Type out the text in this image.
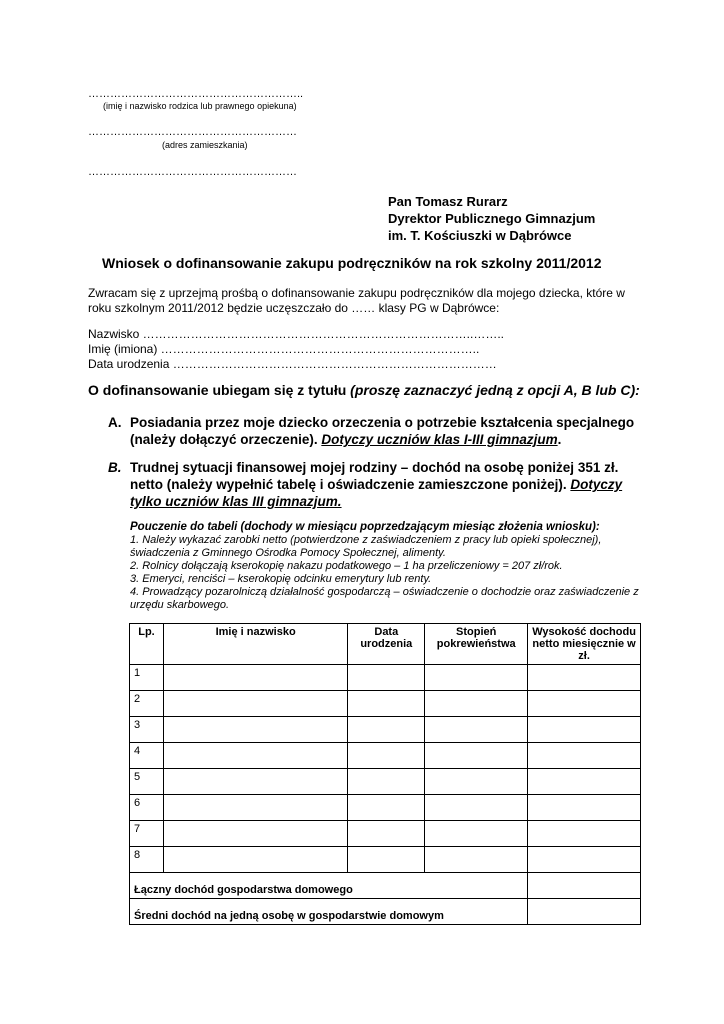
…………………………………………………..
(imię i nazwisko rodzica lub prawnego opiekuna)
…………………………………………………
(adres zamieszkania)
…………………………………………………
Pan Tomasz Rurarz
Dyrektor Publicznego Gimnazjum
im. T. Kościuszki w Dąbrówce
Wniosek o dofinansowanie zakupu podręczników na rok szkolny 2011/2012
Zwracam się z uprzejmą prośbą o dofinansowanie zakupu podręczników dla mojego dziecka, które w
roku szkolnym 2011/2012 będzie uczęszczało do …… klasy PG w Dąbrówce:
Nazwisko ………………………………………………………………………..……..
Imię (imiona) ……………………………………………………………………..
Data urodzenia ………………………………………………………………………
O dofinansowanie ubiegam się z tytułu (proszę zaznaczyć jedną z opcji A, B lub C):
A. Posiadania przez moje dziecko orzeczenia o potrzebie kształcenia specjalnego
(należy dołączyć orzeczenie). Dotyczy uczniów klas I-III gimnazjum.
B. Trudnej sytuacji finansowej mojej rodziny – dochód na osobę poniżej 351 zł.
netto (należy wypełnić tabelę i oświadczenie zamieszczone poniżej). Dotyczy
tylko uczniów klas III gimnazjum.
Pouczenie do tabeli (dochody w miesiącu poprzedzającym miesiąc złożenia wniosku):
1. Należy wykazać zarobki netto (potwierdzone z zaświadczeniem z pracy lub opieki społecznej),
świadczenia z Gminnego Ośrodka Pomocy Społecznej, alimenty.
2. Rolnicy dołączają kserokopię nakazu podatkowego – 1 ha przeliczeniowy = 207 zł/rok.
3. Emeryci, renciści – kserokopię odcinku emerytury lub renty.
4. Prowadzący pozarolniczą działalność gospodarczą – oświadczenie o dochodzie oraz zaświadczenie z
urzędu skarbowego.
Lp.	Imię i nazwisko	Data urodzenia	Stopień pokrewieństwa	Wysokość dochodu netto miesięcznie w zł.
1				
2				
3				
4				
5				
6				
7				
8				
Łączny dochód gospodarstwa domowego				
Średni dochód na jedną osobę w gospodarstwie domowym				
